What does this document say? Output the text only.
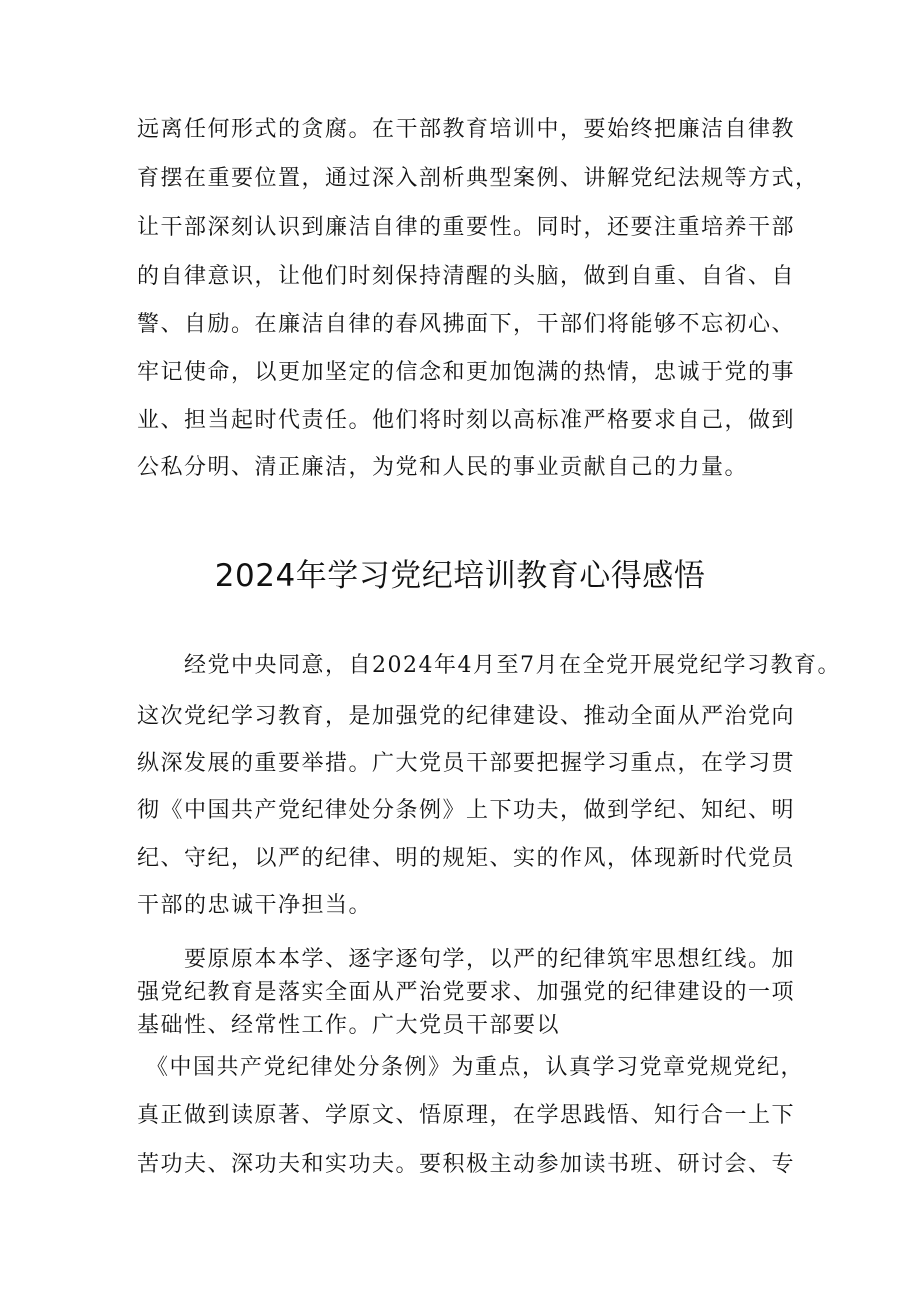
远离任何形式的贪腐。在干部教育培训中，要始终把廉洁自律教

育摆在重要位置，通过深入剖析典型案例、讲解党纪法规等方式，

让干部深刻认识到廉洁自律的重要性。同时，还要注重培养干部

的自律意识，让他们时刻保持清醒的头脑，做到自重、自省、自

警、自励。在廉洁自律的春风拂面下，干部们将能够不忘初心、

牢记使命，以更加坚定的信念和更加饱满的热情，忠诚于党的事

业、担当起时代责任。他们将时刻以高标准严格要求自己，做到

公私分明、清正廉洁，为党和人民的事业贡献自己的力量。

2024年学习党纪培训教育心得感悟

经党中央同意，自2024年4月至7月在全党开展党纪学习教育。

这次党纪学习教育，是加强党的纪律建设、推动全面从严治党向

纵深发展的重要举措。广大党员干部要把握学习重点，在学习贯

彻《中国共产党纪律处分条例》上下功夫，做到学纪、知纪、明

纪、守纪，以严的纪律、明的规矩、实的作风，体现新时代党员

干部的忠诚干净担当。

要原原本本学、逐字逐句学，以严的纪律筑牢思想红线。加

强党纪教育是落实全面从严治党要求、加强党的纪律建设的一项

基础性、经常性工作。广大党员干部要以

《中国共产党纪律处分条例》为重点，认真学习党章党规党纪，

真正做到读原著、学原文、悟原理，在学思践悟、知行合一上下

苦功夫、深功夫和实功夫。要积极主动参加读书班、研讨会、专
